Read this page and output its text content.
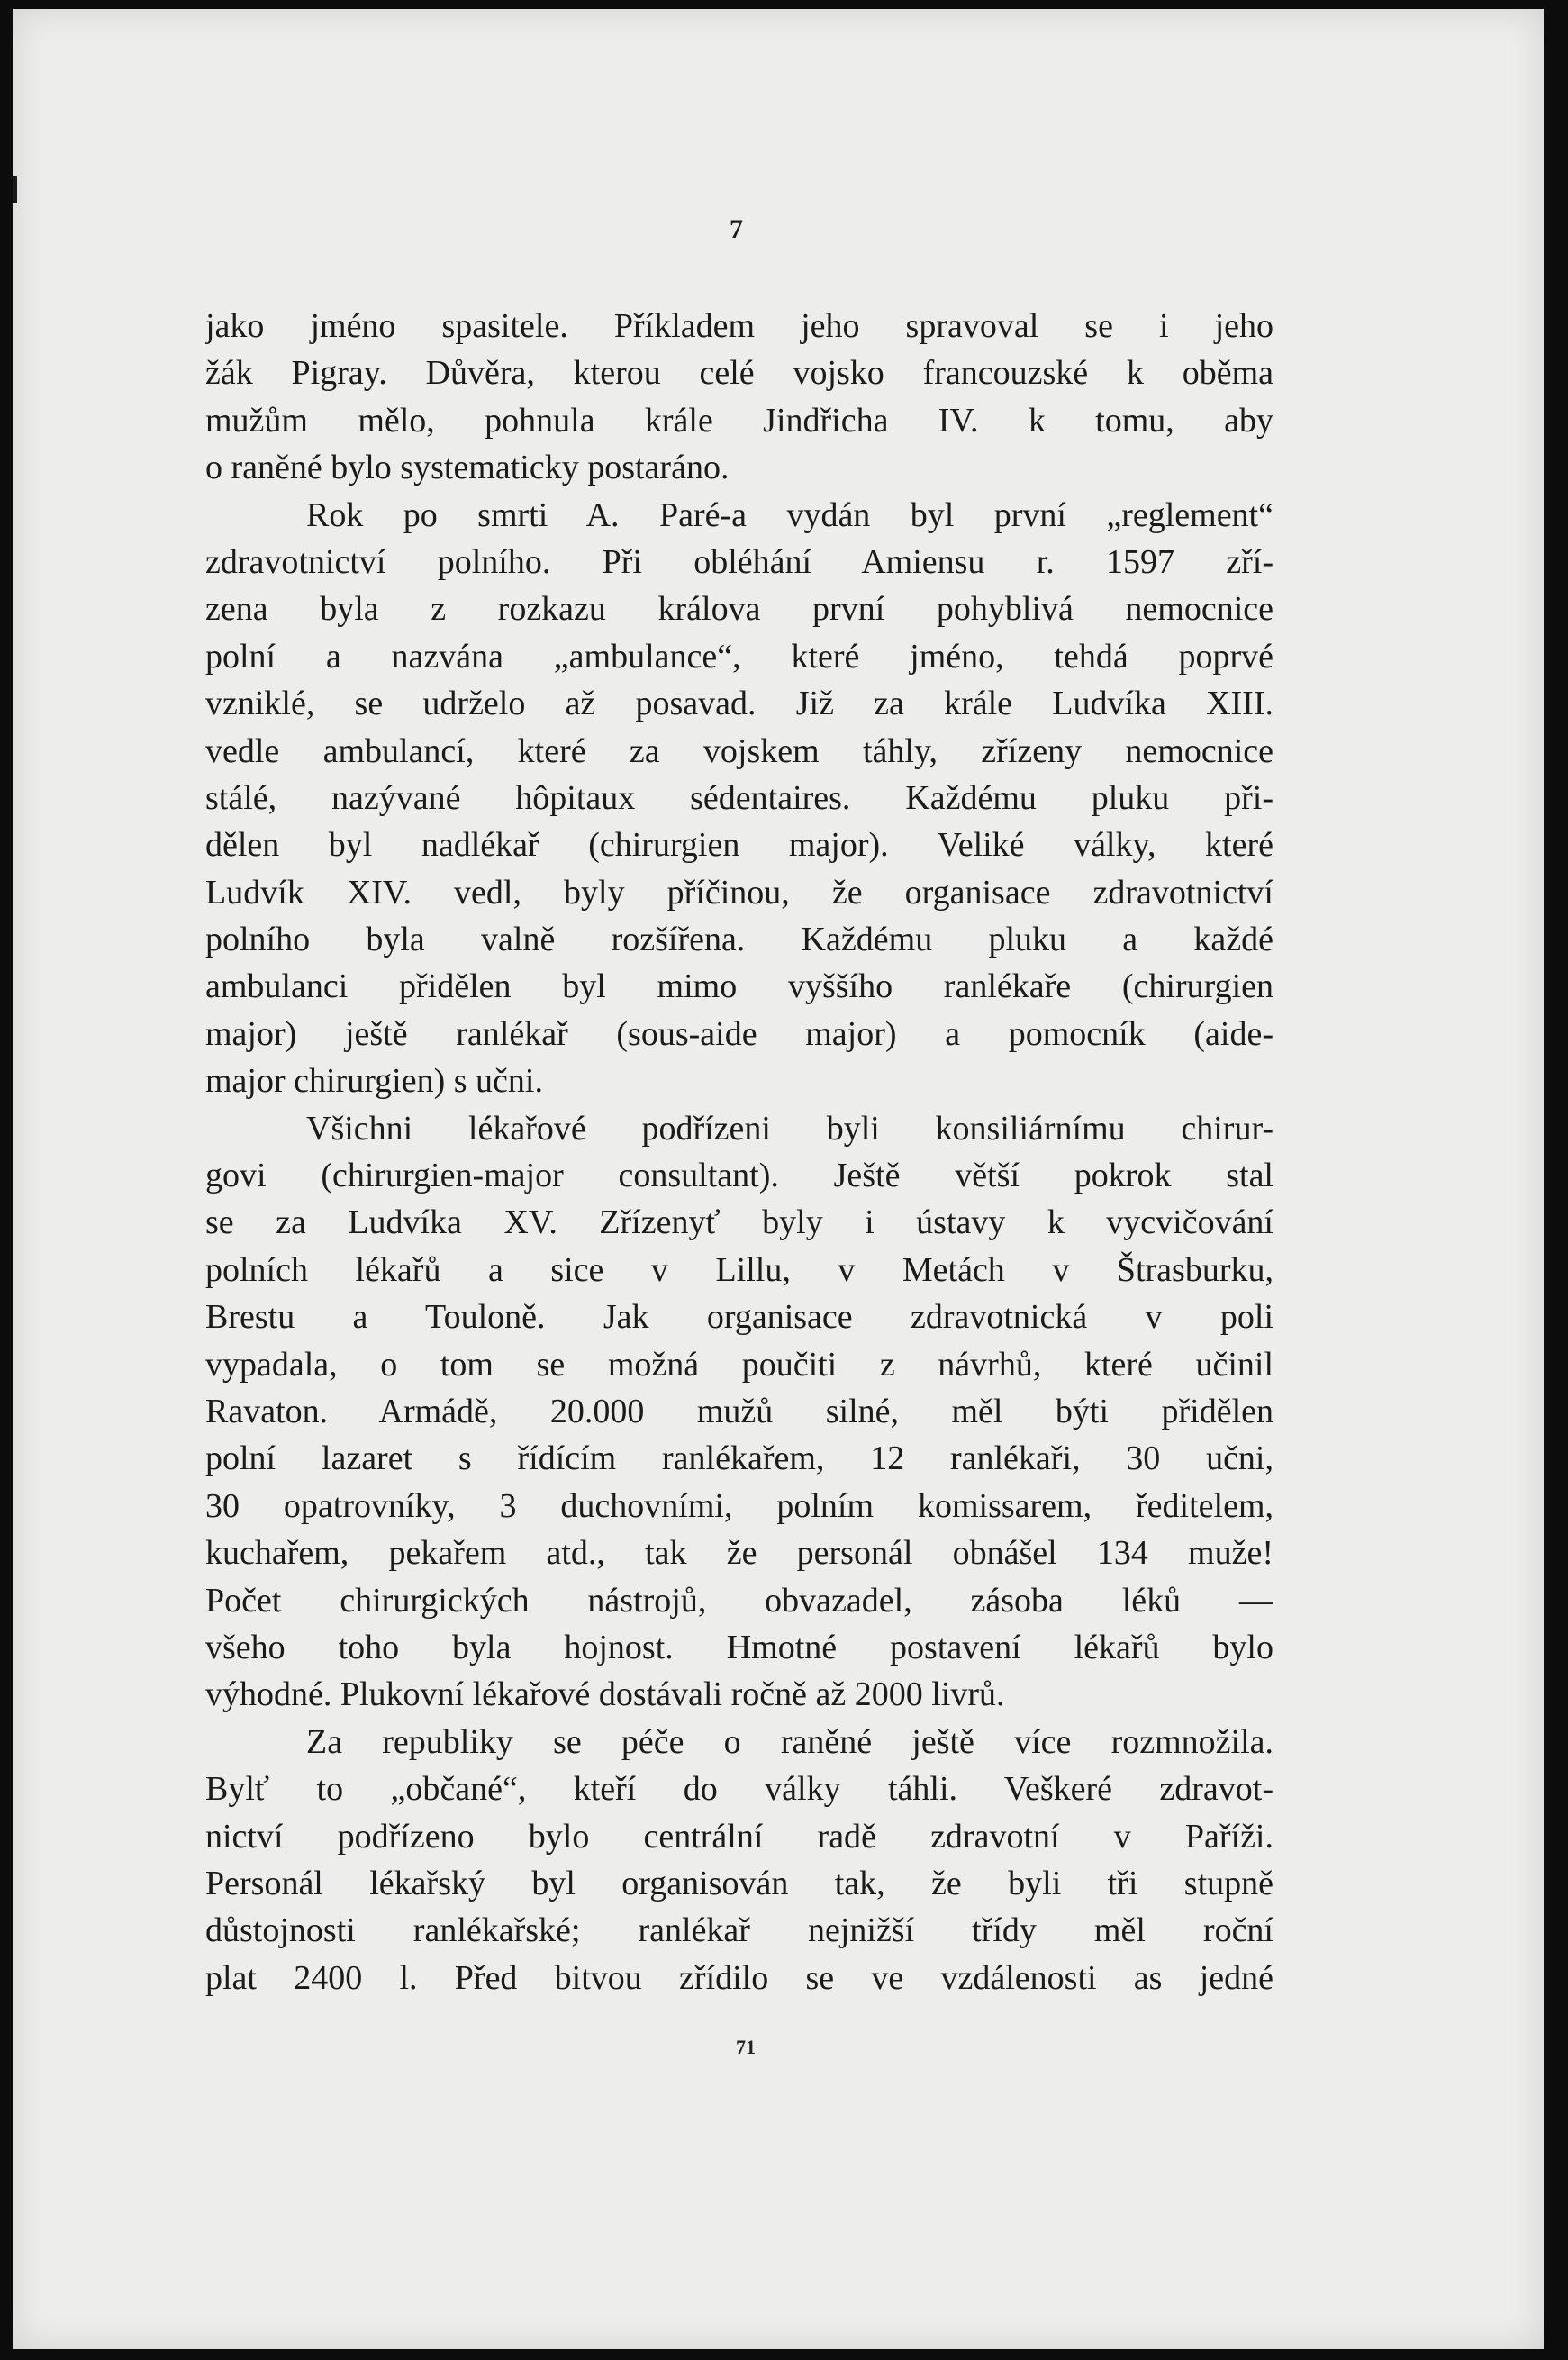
7
jako jméno spasitele. Příkladem jeho spravoval se i jeho
žák Pigray. Důvěra, kterou celé vojsko francouzské k oběma
mužům mělo, pohnula krále Jindřicha IV. k tomu, aby
o raněné bylo systematicky postaráno.
Rok po smrti A. Paré-a vydán byl první „reglement“
zdravotnictví polního. Při obléhání Amiensu r. 1597 zří-
zena byla z rozkazu králova první pohyblivá nemocnice
polní a nazvána „ambulance“, které jméno, tehdá poprvé
vzniklé, se udrželo až posavad. Již za krále Ludvíka XIII.
vedle ambulancí, které za vojskem táhly, zřízeny nemocnice
stálé, nazývané hôpitaux sédentaires. Každému pluku při-
dělen byl nadlékař (chirurgien major). Veliké války, které
Ludvík XIV. vedl, byly příčinou, že organisace zdravotnictví
polního byla valně rozšířena. Každému pluku a každé
ambulanci přidělen byl mimo vyššího ranlékaře (chirurgien
major) ještě ranlékař (sous-aide major) a pomocník (aide-
major chirurgien) s učni.
Všichni lékařové podřízeni byli konsiliárnímu chirur-
govi (chirurgien-major consultant). Ještě větší pokrok stal
se za Ludvíka XV. Zřízenyť byly i ústavy k vycvičování
polních lékařů a sice v Lillu, v Metách v Štrasburku,
Brestu a Touloně. Jak organisace zdravotnická v poli
vypadala, o tom se možná poučiti z návrhů, které učinil
Ravaton. Armádě, 20.000 mužů silné, měl býti přidělen
polní lazaret s řídícím ranlékařem, 12 ranlékaři, 30 učni,
30 opatrovníky, 3 duchovními, polním komissarem, ředitelem,
kuchařem, pekařem atd., tak že personál obnášel 134 muže!
Počet chirurgických nástrojů, obvazadel, zásoba léků —
všeho toho byla hojnost. Hmotné postavení lékařů bylo
výhodné. Plukovní lékařové dostávali ročně až 2000 livrů.
Za republiky se péče o raněné ještě více rozmnožila.
Bylť to „občané“, kteří do války táhli. Veškeré zdravot-
nictví podřízeno bylo centrální radě zdravotní v Paříži.
Personál lékařský byl organisován tak, že byli tři stupně
důstojnosti ranlékařské; ranlékař nejnižší třídy měl roční
plat 2400 l. Před bitvou zřídilo se ve vzdálenosti as jedné
71
